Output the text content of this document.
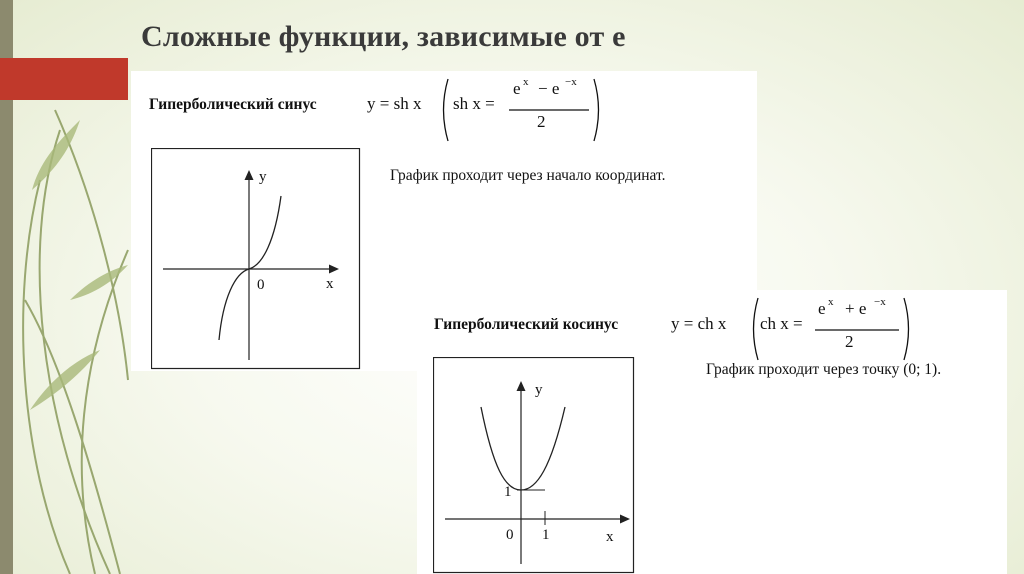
Сложные функции, зависимые от е
Гиперболический синус	y = sh x sh x =
e x − e −x
2
График проходит через начало координат.
y
x
0
Гиперболический косинус	y = ch x ch x =
e x + e −x
2
График проходит через точку (0; 1).
y
x
0
1
1
